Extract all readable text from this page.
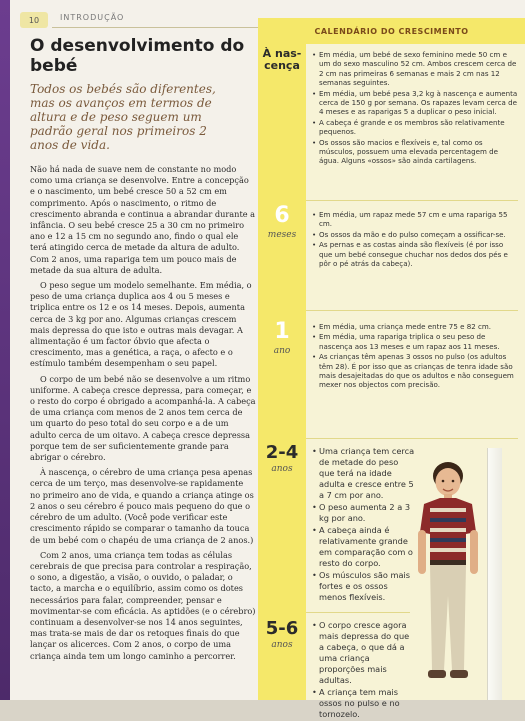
10	INTRODUÇÃO
O desenvolvimento do bebé
Todos os bebés são diferentes, mas os avanços em termos de altura e de peso seguem um padrão geral nos primeiros 2 anos de vida.

Não há nada de suave nem de constante no modo como uma criança se desenvolve. Entre a concepção e o nascimento, um bebé cresce 50 a 52 cm em comprimento. Após o nascimento, o ritmo de crescimento abranda e continua a abrandar durante a infância. O seu bebé cresce 25 a 30 cm no primeiro ano e 12 a 15 cm no segundo ano, findo o qual ele terá atingido cerca de metade da altura de adulto. Com 2 anos, uma rapariga tem um pouco mais de metade da sua altura de adulta.

O peso segue um modelo semelhante. Em média, o peso de uma criança duplica aos 4 ou 5 meses e triplica entre os 12 e os 14 meses. Depois, aumenta cerca de 3 kg por ano. Algumas crianças crescem mais depressa do que isto e outras mais devagar. A alimentação é um factor óbvio que afecta o crescimento, mas a genética, a raça, o afecto e o estímulo também desempenham o seu papel.

O corpo de um bebé não se desenvolve a um ritmo uniforme. A cabeça cresce depressa, para começar, e o resto do corpo é obrigado a acompanhá-la. A cabeça de uma criança com menos de 2 anos tem cerca de um quarto do peso total do seu corpo e a de um adulto cerca de um oitavo. A cabeça cresce depressa porque tem de ser suficientemente grande para abrigar o cérebro.

À nascença, o cérebro de uma criança pesa apenas cerca de um terço, mas desenvolve-se rapidamente no primeiro ano de vida, e quando a criança atinge os 2 anos o seu cérebro é pouco mais pequeno do que o cérebro de um adulto. (Você pode verificar este crescimento rápido se comparar o tamanho da touca de um bebé com o chapéu de uma criança de 2 anos.)

Com 2 anos, uma criança tem todas as células cerebrais de que precisa para controlar a respiração, o sono, a digestão, a visão, o ouvido, o paladar, o tacto, a marcha e o equilíbrio, assim como os dotes necessários para falar, compreender, pensar e movimentar-se com eficácia. As aptidões (e o cérebro) continuam a desenvolver-se nos 14 anos seguintes, mas trata-se mais de dar os retoques finais do que lançar os alicerces. Com 2 anos, o corpo de uma criança ainda tem um longo caminho a percorrer.

CALENDÁRIO DO CRESCIMENTO
À nas-
cença
• Em média, um bebé de sexo feminino mede 50 cm e um do sexo masculino 52 cm. Ambos crescem cerca de 2 cm nas primeiras 6 semanas e mais 2 cm nas 12 semanas seguintes.
• Em média, um bebé pesa 3,2 kg à nascença e aumenta cerca de 150 g por semana. Os rapazes levam cerca de 4 meses e as raparigas 5 a duplicar o peso inicial.
• A cabeça é grande e os membros são relativamente pequenos.
• Os ossos são macios e flexíveis e, tal como os músculos, possuem uma elevada percentagem de água. Alguns «ossos» são ainda cartilagens.
6
meses
• Em média, um rapaz mede 57 cm e uma rapariga 55 cm.
• Os ossos da mão e do pulso começam a ossificar-se.
• As pernas e as costas ainda são flexíveis (é por isso que um bebé consegue chuchar nos dedos dos pés e pôr o pé atrás da cabeça).
1
ano
• Em média, uma criança mede entre 75 e 82 cm.
• Em média, uma rapariga triplica o seu peso de nascença aos 13 meses e um rapaz aos 11 meses.
• As crianças têm apenas 3 ossos no pulso (os adultos têm 28). É por isso que as crianças de tenra idade são mais desajeitadas do que os adultos e não conseguem mexer nos objectos com precisão.
2-4
anos
• Uma criança tem cerca de metade do peso que terá na idade adulta e cresce entre 5 a 7 cm por ano.
• O peso aumenta 2 a 3 kg por ano.
• A cabeça ainda é relativamente grande em comparação com o resto do corpo.
• Os músculos são mais fortes e os ossos menos flexíveis.
5-6
anos
• O corpo cresce agora mais depressa do que a cabeça, o que dá a uma criança proporções mais adultas.
• A criança tem mais ossos no pulso e no tornozelo.
